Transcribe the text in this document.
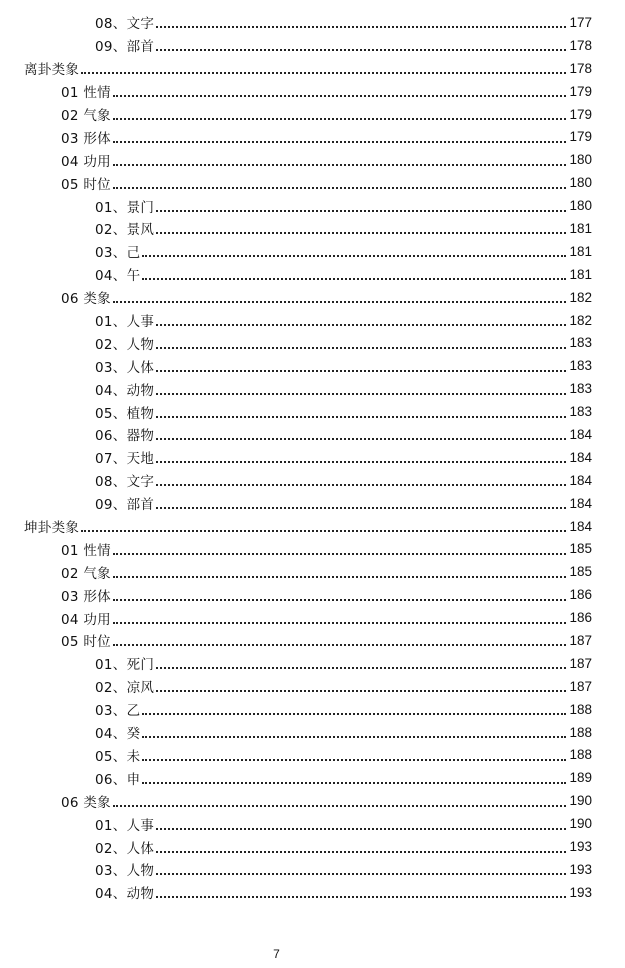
08、文字	177
09、部首	178
离卦类象	178
01 性情	179
02 气象	179
03 形体	179
04 功用	180
05 时位	180
01、景门	180
02、景风	181
03、己	181
04、午	181
06 类象	182
01、人事	182
02、人物	183
03、人体	183
04、动物	183
05、植物	183
06、器物	184
07、天地	184
08、文字	184
09、部首	184
坤卦类象	184
01 性情	185
02 气象	185
03 形体	186
04 功用	186
05 时位	187
01、死门	187
02、凉风	187
03、乙	188
04、癸	188
05、未	188
06、申	189
06 类象	190
01、人事	190
02、人体	193
03、人物	193
04、动物	193
7
